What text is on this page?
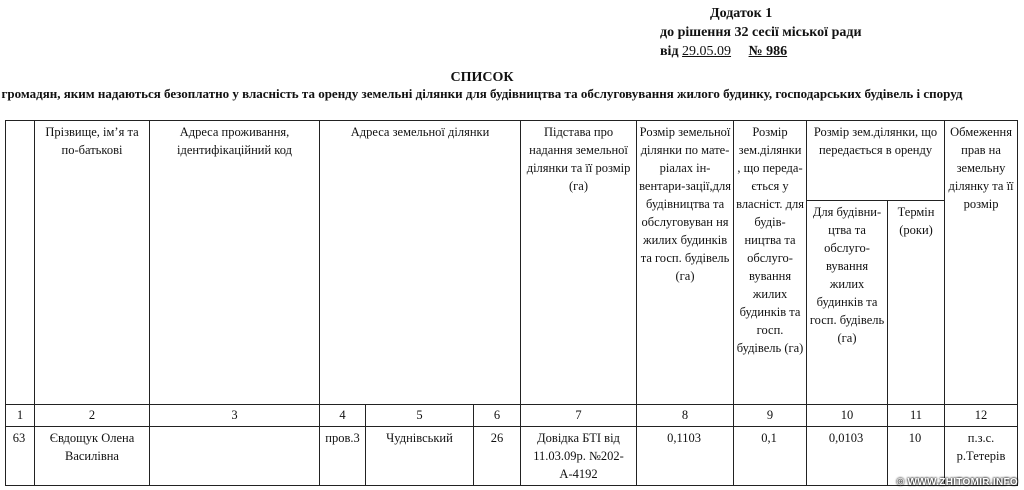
Додаток 1
до рішення 32 сесії міської ради
від 29.05.09 № 986
СПИСОК
громадян, яким надаються безоплатно у власність та оренду земельні ділянки для будівництва та обслуговування жилого будинку, господарських будівель і споруд
	Прізвище, ім’я та по-батькові	Адреса проживання, ідентифікаційний код	Адреса земельної ділянки			Підстава про надання земельної ділянки та її розмір (га)	Розмір земельної ділянки по мате-ріалах ін-вентари-зації,для будівництва та обслуговуван ня жилих будинків та госп. будівель (га)	Розмір зем.ділянки , що переда-ється у власніст. для будів-ництва та обслуго-вування жилих будинків та госп. будівель (га)	Розмір зем.ділянки, що передається в оренду		Обмеження прав на земельну ділянку та її розмір
									Для будівни-цтва та обслуго-вування жилих будинків та госп. будівель (га)	Термін (роки)	
1	2	3	4	5	6	7	8	9	10	11	12
63	Євдощук Олена Василівна		пров.3	Чуднівський	26	Довідка БТІ від 11.03.09р. №202-А-4192	0,1103	0,1	0,0103	10	п.з.с. р.Тетерів
© WWW.ZHITOMIR.INFO
